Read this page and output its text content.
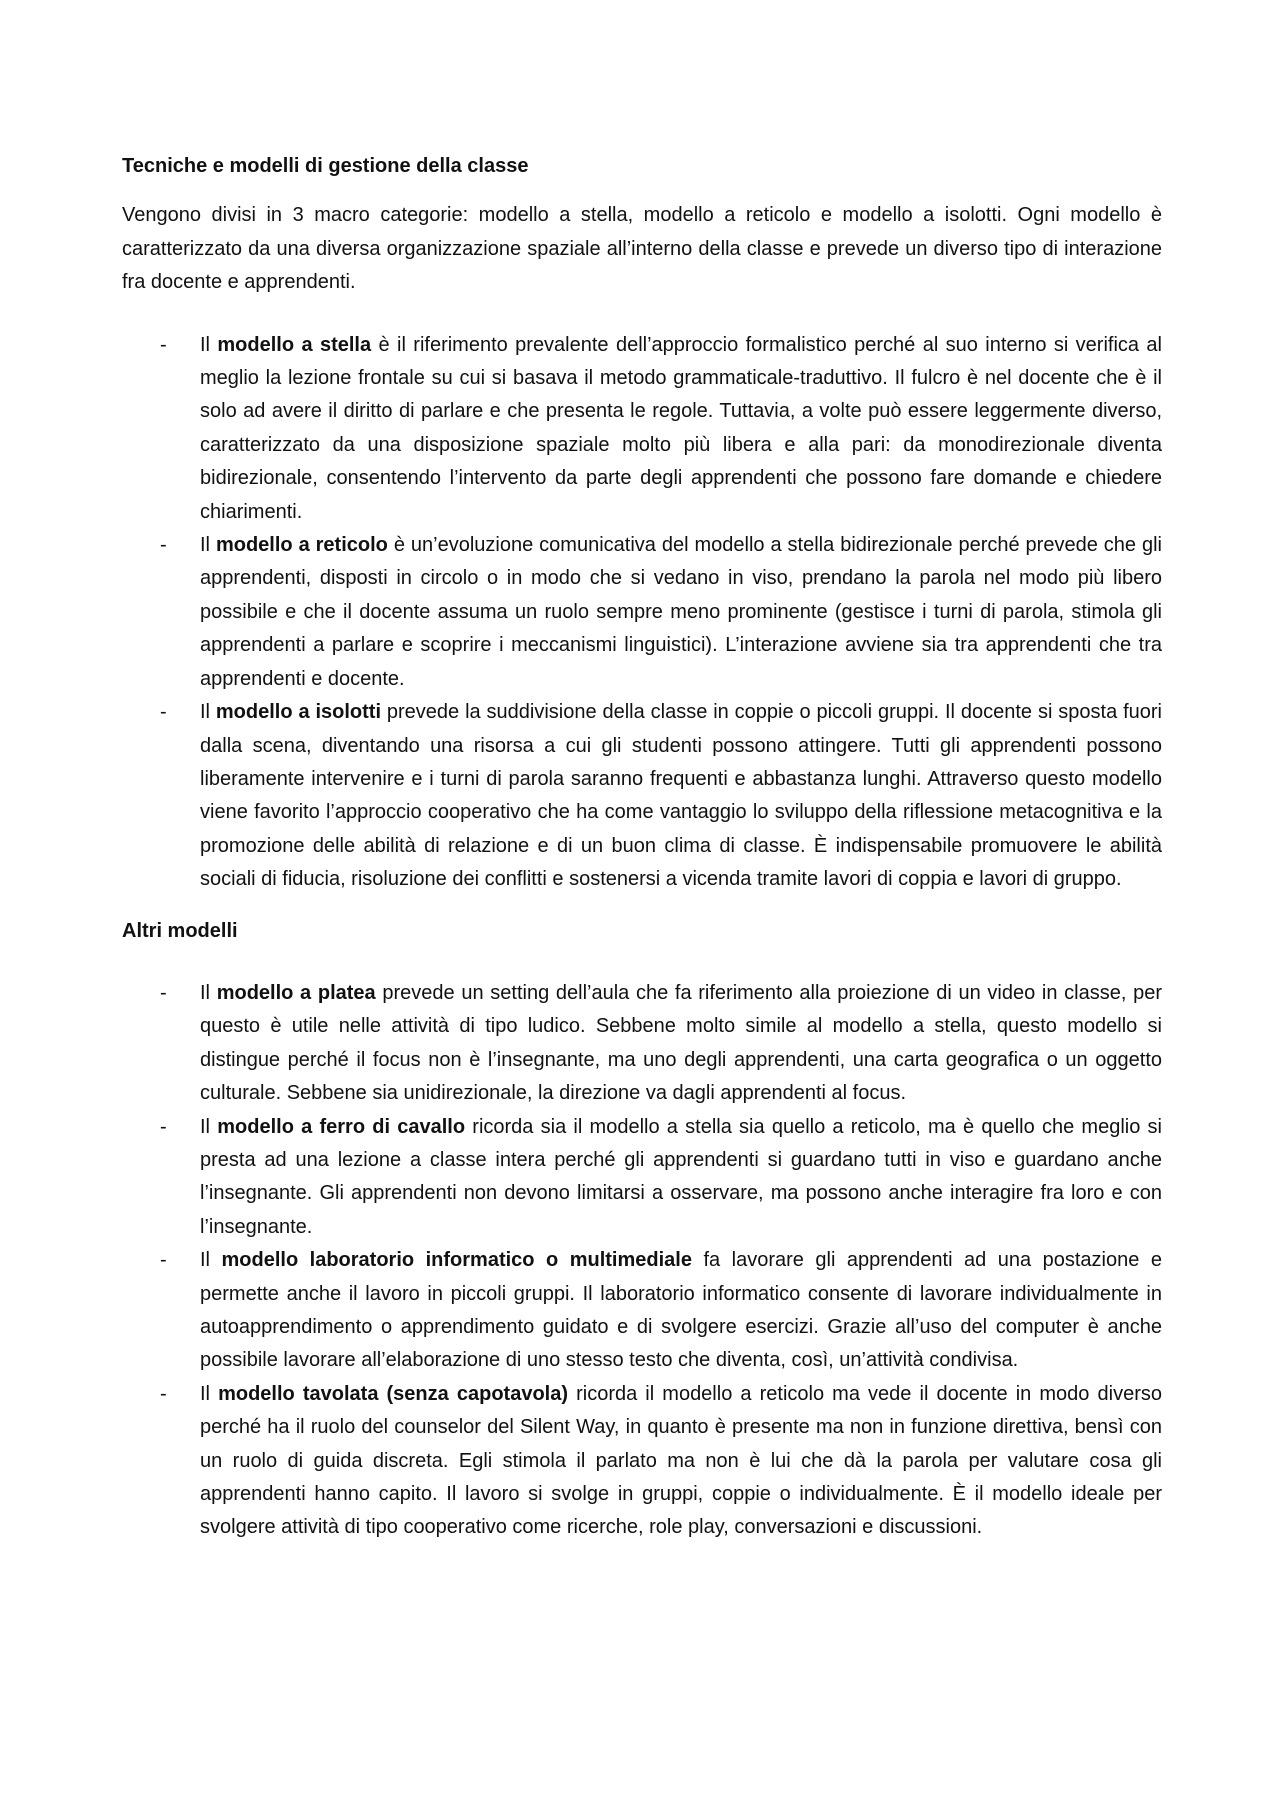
Tecniche e modelli di gestione della classe

Vengono divisi in 3 macro categorie: modello a stella, modello a reticolo e modello a isolotti. Ogni modello è caratterizzato da una diversa organizzazione spaziale all’interno della classe e prevede un diverso tipo di interazione fra docente e apprendenti.

- Il modello a stella è il riferimento prevalente dell’approccio formalistico perché al suo interno si verifica al meglio la lezione frontale su cui si basava il metodo grammaticale-traduttivo. Il fulcro è nel docente che è il solo ad avere il diritto di parlare e che presenta le regole. Tuttavia, a volte può essere leggermente diverso, caratterizzato da una disposizione spaziale molto più libera e alla pari: da monodirezionale diventa bidirezionale, consentendo l’intervento da parte degli apprendenti che possono fare domande e chiedere chiarimenti.
- Il modello a reticolo è un’evoluzione comunicativa del modello a stella bidirezionale perché prevede che gli apprendenti, disposti in circolo o in modo che si vedano in viso, prendano la parola nel modo più libero possibile e che il docente assuma un ruolo sempre meno prominente (gestisce i turni di parola, stimola gli apprendenti a parlare e scoprire i meccanismi linguistici). L’interazione avviene sia tra apprendenti che tra apprendenti e docente.
- Il modello a isolotti prevede la suddivisione della classe in coppie o piccoli gruppi. Il docente si sposta fuori dalla scena, diventando una risorsa a cui gli studenti possono attingere. Tutti gli apprendenti possono liberamente intervenire e i turni di parola saranno frequenti e abbastanza lunghi. Attraverso questo modello viene favorito l’approccio cooperativo che ha come vantaggio lo sviluppo della riflessione metacognitiva e la promozione delle abilità di relazione e di un buon clima di classe. È indispensabile promuovere le abilità sociali di fiducia, risoluzione dei conflitti e sostenersi a vicenda tramite lavori di coppia e lavori di gruppo.
Altri modelli
- Il modello a platea prevede un setting dell’aula che fa riferimento alla proiezione di un video in classe, per questo è utile nelle attività di tipo ludico. Sebbene molto simile al modello a stella, questo modello si distingue perché il focus non è l’insegnante, ma uno degli apprendenti, una carta geografica o un oggetto culturale. Sebbene sia unidirezionale, la direzione va dagli apprendenti al focus.
- Il modello a ferro di cavallo ricorda sia il modello a stella sia quello a reticolo, ma è quello che meglio si presta ad una lezione a classe intera perché gli apprendenti si guardano tutti in viso e guardano anche l’insegnante. Gli apprendenti non devono limitarsi a osservare, ma possono anche interagire fra loro e con l’insegnante.
- Il modello laboratorio informatico o multimediale fa lavorare gli apprendenti ad una postazione e permette anche il lavoro in piccoli gruppi. Il laboratorio informatico consente di lavorare individualmente in autoapprendimento o apprendimento guidato e di svolgere esercizi. Grazie all’uso del computer è anche possibile lavorare all’elaborazione di uno stesso testo che diventa, così, un’attività condivisa.
- Il modello tavolata (senza capotavola) ricorda il modello a reticolo ma vede il docente in modo diverso perché ha il ruolo del counselor del Silent Way, in quanto è presente ma non in funzione direttiva, bensì con un ruolo di guida discreta. Egli stimola il parlato ma non è lui che dà la parola per valutare cosa gli apprendenti hanno capito. Il lavoro si svolge in gruppi, coppie o individualmente. È il modello ideale per svolgere attività di tipo cooperativo come ricerche, role play, conversazioni e discussioni.
